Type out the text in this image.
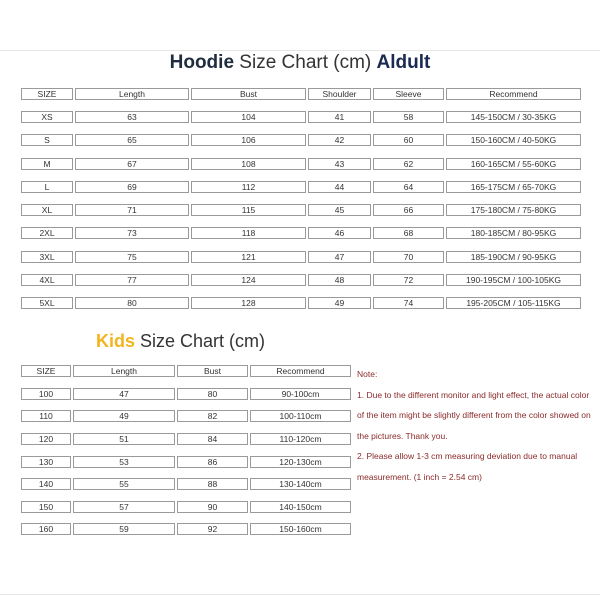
Hoodie Size Chart (cm) Aldult
SIZE	Length	Bust	Shoulder	Sleeve	Recommend

XS	63	104	41	58	145-150CM / 30-35KG

S	65	106	42	60	150-160CM / 40-50KG

M	67	108	43	62	160-165CM / 55-60KG

L	69	112	44	64	165-175CM / 65-70KG

XL	71	115	45	66	175-180CM / 75-80KG

2XL	73	118	46	68	180-185CM / 80-95KG

3XL	75	121	47	70	185-190CM / 90-95KG

4XL	77	124	48	72	190-195CM / 100-105KG

5XL	80	128	49	74	195-205CM / 105-115KG
Kids Size Chart (cm)
SIZE	Length	Bust	Recommend

100	47	80	90-100cm

110	49	82	100-110cm

120	51	84	110-120cm

130	53	86	120-130cm

140	55	88	130-140cm

150	57	90	140-150cm

160	59	92	150-160cm

Note:

1. Due to the different monitor and light effect, the actual color of the item might be slightly different from the color showed on the pictures. Thank you.

2. Please allow 1-3 cm measuring deviation due to manual measurement. (1 inch = 2.54 cm)
